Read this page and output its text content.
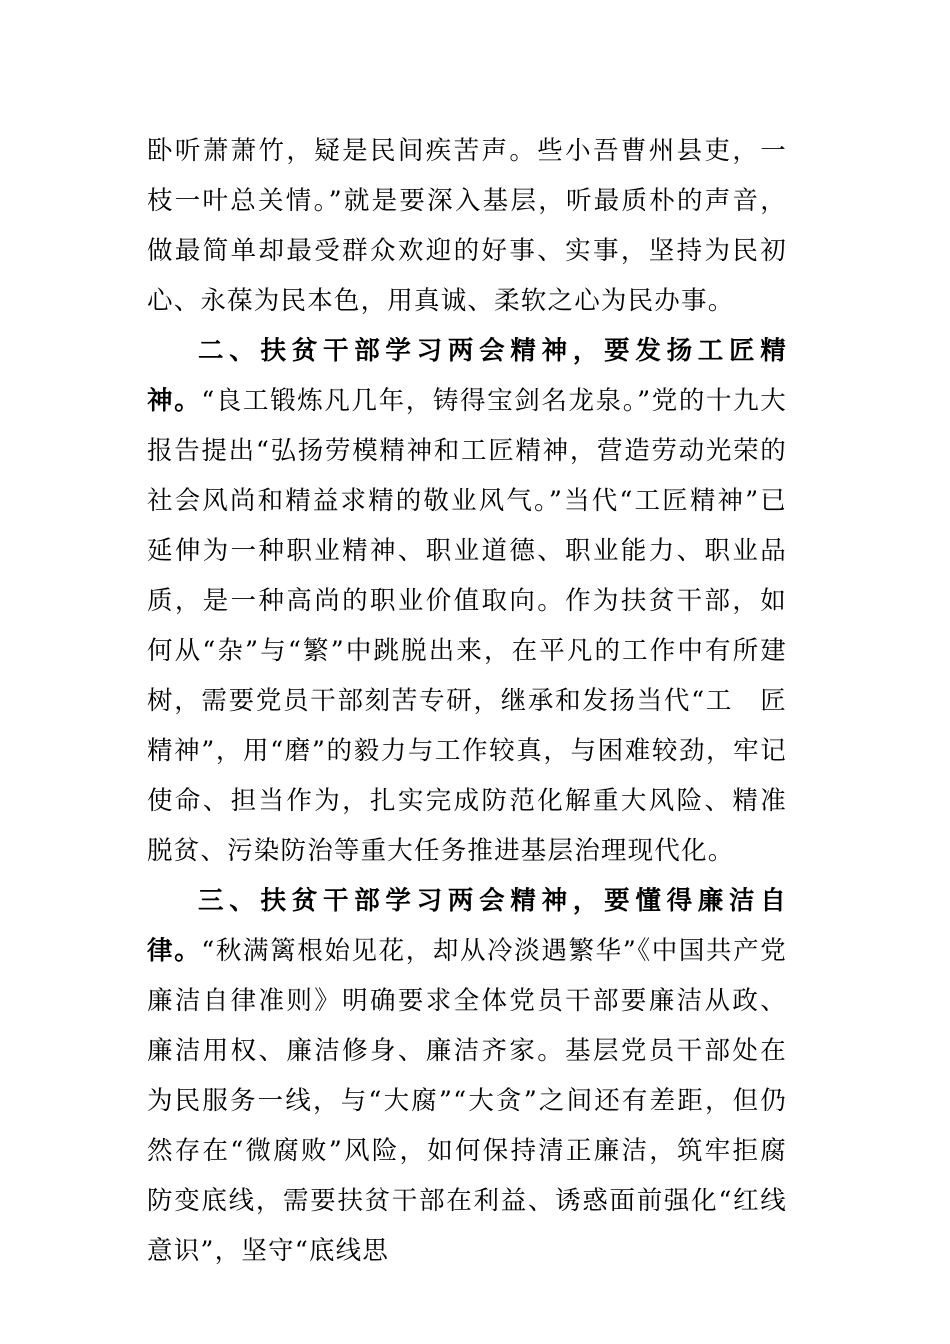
卧听萧萧竹，疑是民间疾苦声。些小吾曹州县吏，一枝一叶总关情。”就是要深入基层，听最质朴的声音，做最简单却最受群众欢迎的好事、实事，坚持为民初心、永葆为民本色，用真诚、柔软之心为民办事。

二、扶贫干部学习两会精神，要发扬工匠精神。“良工锻炼凡几年，铸得宝剑名龙泉。”党的十九大报告提出“弘扬劳模精神和工匠精神，营造劳动光荣的社会风尚和精益求精的敬业风气。”当代“工匠精神”已延伸为一种职业精神、职业道德、职业能力、职业品质，是一种高尚的职业价值取向。作为扶贫干部，如何从“杂”与“繁”中跳脱出来，在平凡的工作中有所建树，需要党员干部刻苦专研，继承和发扬当代“工　匠精神”，用“磨”的毅力与工作较真，与困难较劲，牢记使命、担当作为，扎实完成防范化解重大风险、精准脱贫、污染防治等重大任务推进基层治理现代化。

三、扶贫干部学习两会精神，要懂得廉洁自律。“秋满篱根始见花，却从冷淡遇繁华”《中国共产党廉洁自律准则》明确要求全体党员干部要廉洁从政、廉洁用权、廉洁修身、廉洁齐家。基层党员干部处在为民服务一线，与“大腐”“大贪”之间还有差距，但仍然存在“微腐败”风险，如何保持清正廉洁，筑牢拒腐防变底线，需要扶贫干部在利益、诱惑面前强化“红线意识”，坚守“底线思
